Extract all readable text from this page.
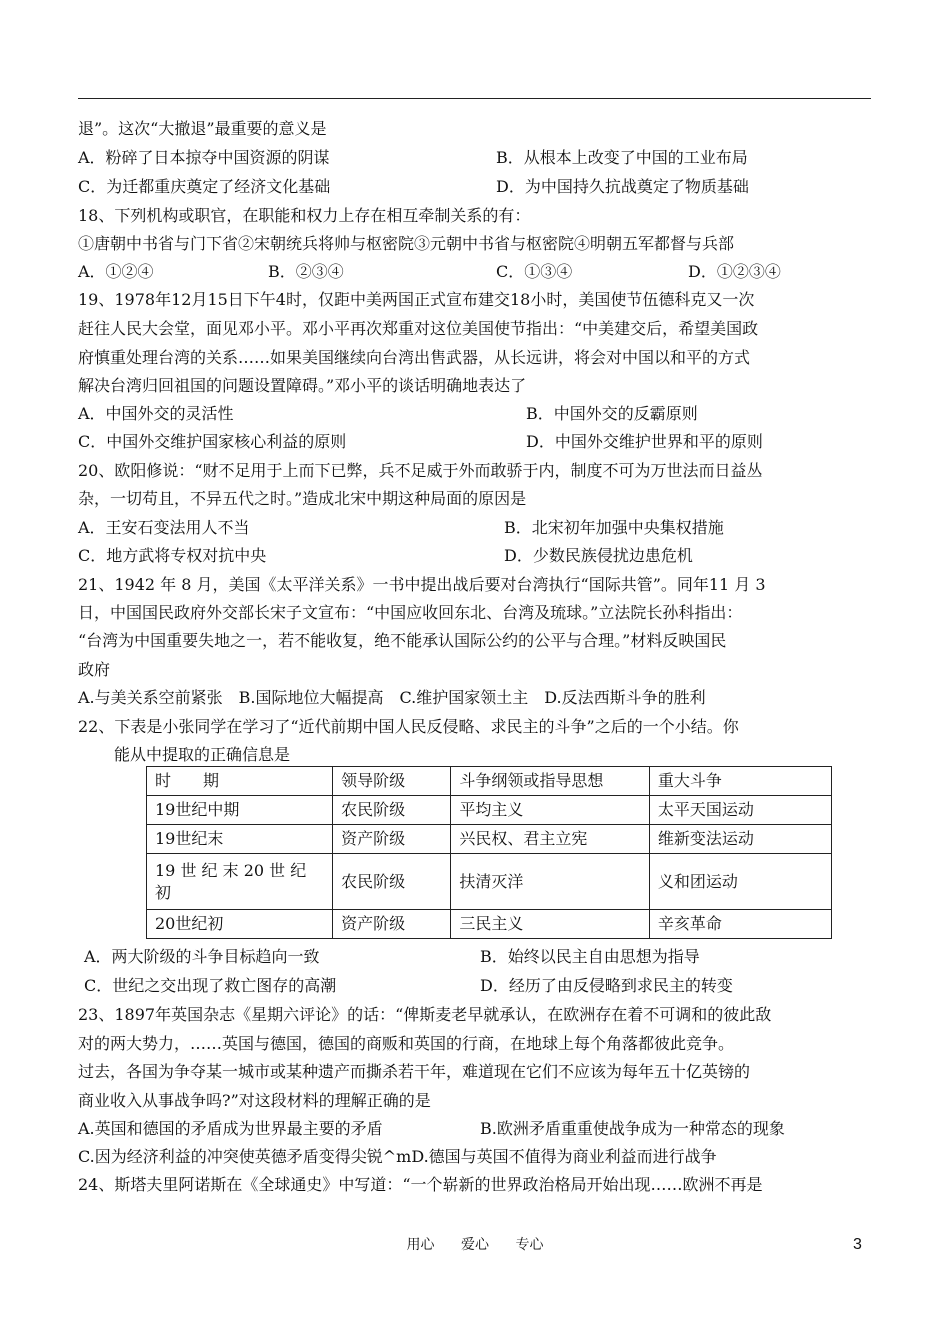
退”。这次“大撤退”最重要的意义是
A．粉碎了日本掠夺中国资源的阴谋	B．从根本上改变了中国的工业布局
C．为迁都重庆奠定了经济文化基础	D．为中国持久抗战奠定了物质基础
18、下列机构或职官，在职能和权力上存在相互牵制关系的有：
①唐朝中书省与门下省②宋朝统兵将帅与枢密院③元朝中书省与枢密院④明朝五军都督与兵部
A．①②④	B．②③④	C．①③④	D．①②③④
19、1978年12月15日下午4时，仅距中美两国正式宣布建交18小时，美国使节伍德科克又一次
赶往人民大会堂，面见邓小平。邓小平再次郑重对这位美国使节指出：“中美建交后，希望美国政
府慎重处理台湾的关系……如果美国继续向台湾出售武器，从长远讲，将会对中国以和平的方式
解决台湾归回祖国的问题设置障碍。”邓小平的谈话明确地表达了
A．中国外交的灵活性	B．中国外交的反霸原则
C．中国外交维护国家核心利益的原则	D．中国外交维护世界和平的原则
20、欧阳修说：“财不足用于上而下已弊，兵不足威于外而敢骄于内，制度不可为万世法而日益丛
杂，一切苟且，不异五代之时。”造成北宋中期这种局面的原因是
A．王安石变法用人不当	B．北宋初年加强中央集权措施
C．地方武将专权对抗中央	D．少数民族侵扰边患危机
21、1942 年 8 月，美国《太平洋关系》一书中提出战后要对台湾执行“国际共管”。同年11 月 3
日，中国国民政府外交部长宋子文宣布：“中国应收回东北、台湾及琉球。”立法院长孙科指出：
“台湾为中国重要失地之一，若不能收复，绝不能承认国际公约的公平与合理。”材料反映国民
政府
A.与美关系空前紧张　B.国际地位大幅提高　C.维护国家领土主　D.反法西斯斗争的胜利
22、下表是小张同学在学习了“近代前期中国人民反侵略、求民主的斗争”之后的一个小结。你
能从中提取的正确信息是
时　　期	领导阶级	斗争纲领或指导思想	重大斗争
19世纪中期	农民阶级	平均主义	太平天国运动
19世纪末	资产阶级	兴民权、君主立宪	维新变法运动
19 世 纪 末 20 世 纪 初	农民阶级	扶清灭洋	义和团运动
20世纪初	资产阶级	三民主义	辛亥革命
A．两大阶级的斗争目标趋向一致	B．始终以民主自由思想为指导
C．世纪之交出现了救亡图存的高潮	D．经历了由反侵略到求民主的转变
23、1897年英国杂志《星期六评论》的话：“俾斯麦老早就承认，在欧洲存在着不可调和的彼此敌
对的两大势力，……英国与德国，德国的商贩和英国的行商，在地球上每个角落都彼此竞争。
过去，各国为争夺某一城市或某种遗产而撕杀若干年，难道现在它们不应该为每年五十亿英镑的
商业收入从事战争吗?”对这段材料的理解正确的是
A.英国和德国的矛盾成为世界最主要的矛盾	B.欧洲矛盾重重使战争成为一种常态的现象
C.因为经济利益的冲突使英德矛盾变得尖锐^mD.德国与英国不值得为商业利益而进行战争
24、斯塔夫里阿诺斯在《全球通史》中写道：“一个崭新的世界政治格局开始出现……欧洲不再是
用心 爱心 专心	3
